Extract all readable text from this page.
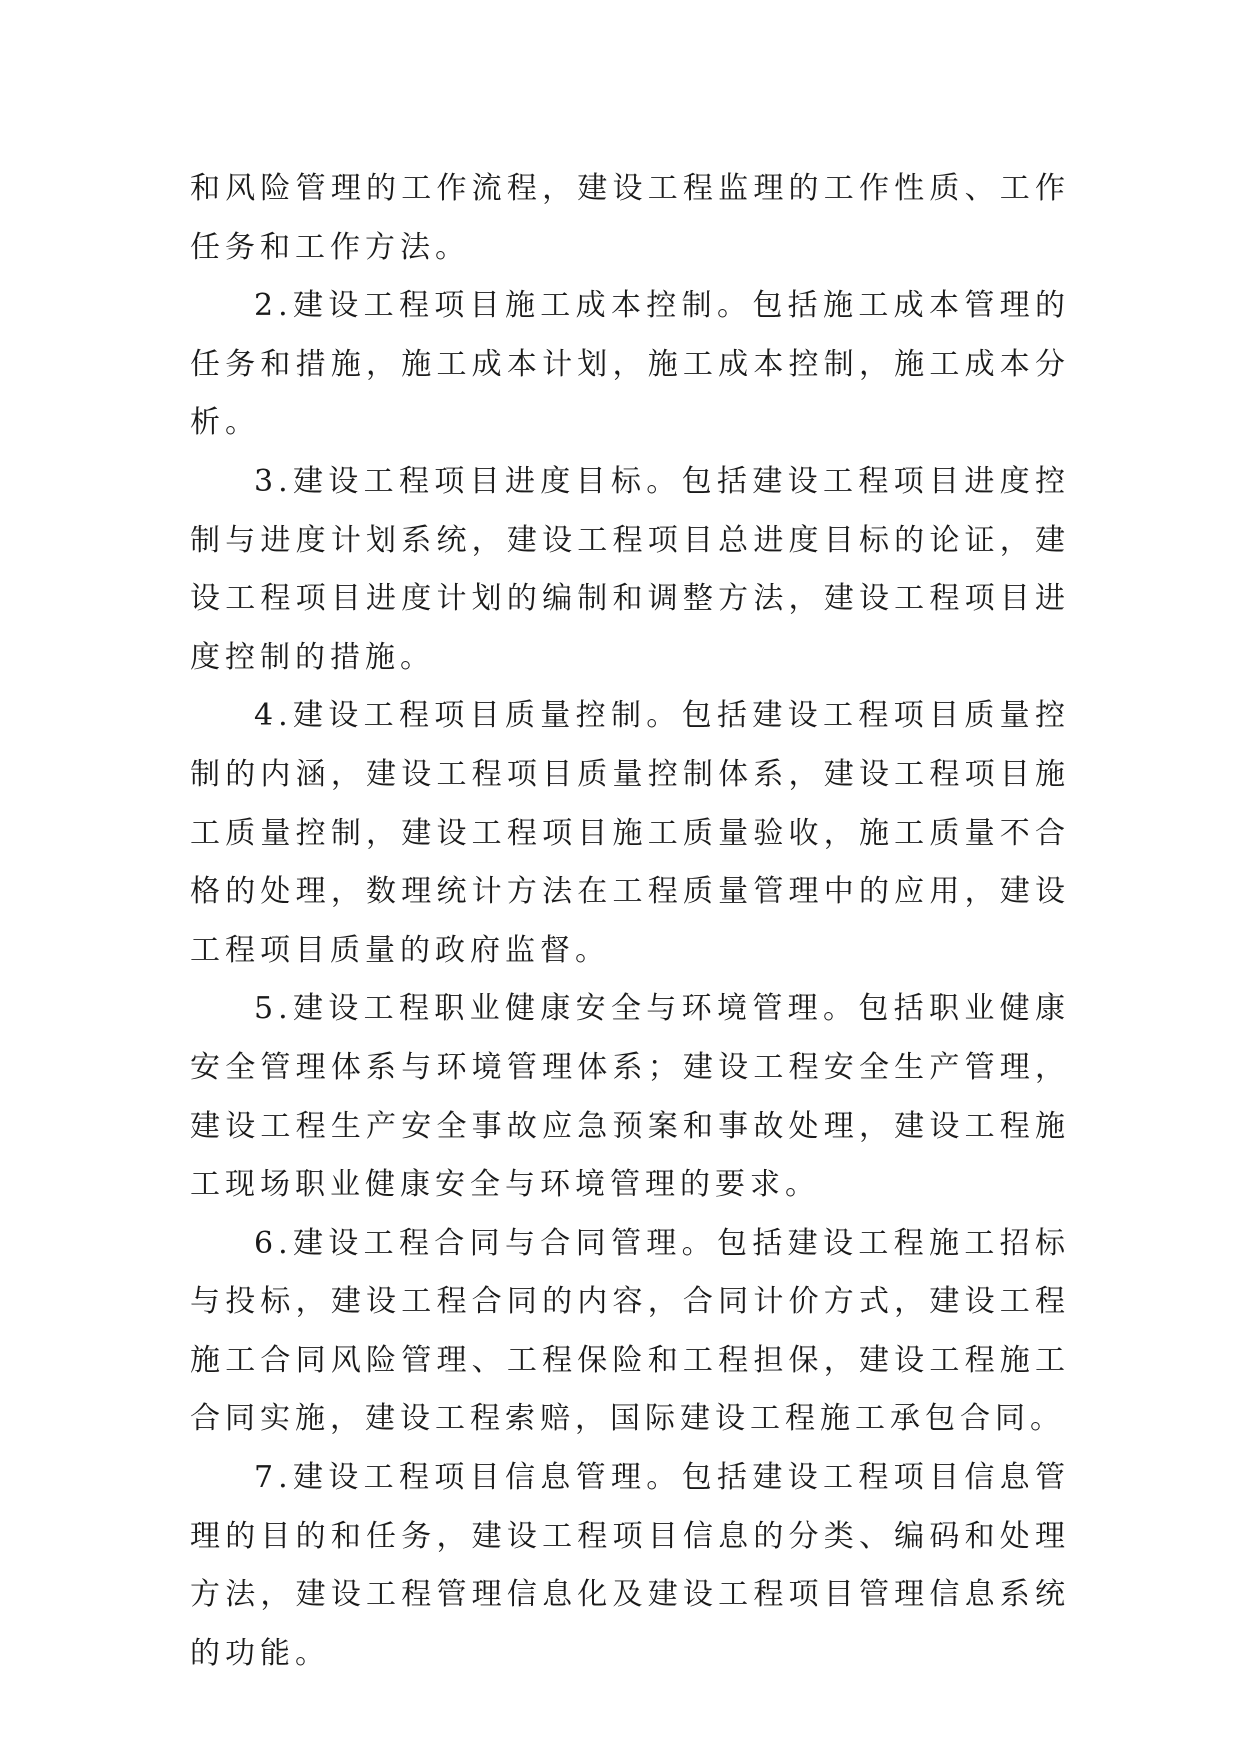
和风险管理的工作流程，建设工程监理的工作性质、工作任务和工作方法。

2.建设工程项目施工成本控制。包括施工成本管理的任务和措施，施工成本计划，施工成本控制，施工成本分析。

3.建设工程项目进度目标。包括建设工程项目进度控制与进度计划系统，建设工程项目总进度目标的论证，建设工程项目进度计划的编制和调整方法，建设工程项目进度控制的措施。

4.建设工程项目质量控制。包括建设工程项目质量控制的内涵，建设工程项目质量控制体系，建设工程项目施工质量控制，建设工程项目施工质量验收，施工质量不合格的处理，数理统计方法在工程质量管理中的应用，建设工程项目质量的政府监督。

5.建设工程职业健康安全与环境管理。包括职业健康安全管理体系与环境管理体系；建设工程安全生产管理，建设工程生产安全事故应急预案和事故处理，建设工程施工现场职业健康安全与环境管理的要求。

6.建设工程合同与合同管理。包括建设工程施工招标与投标，建设工程合同的内容，合同计价方式，建设工程施工合同风险管理、工程保险和工程担保，建设工程施工合同实施，建设工程索赔，国际建设工程施工承包合同。

7.建设工程项目信息管理。包括建设工程项目信息管理的目的和任务，建设工程项目信息的分类、编码和处理方法，建设工程管理信息化及建设工程项目管理信息系统的功能。
